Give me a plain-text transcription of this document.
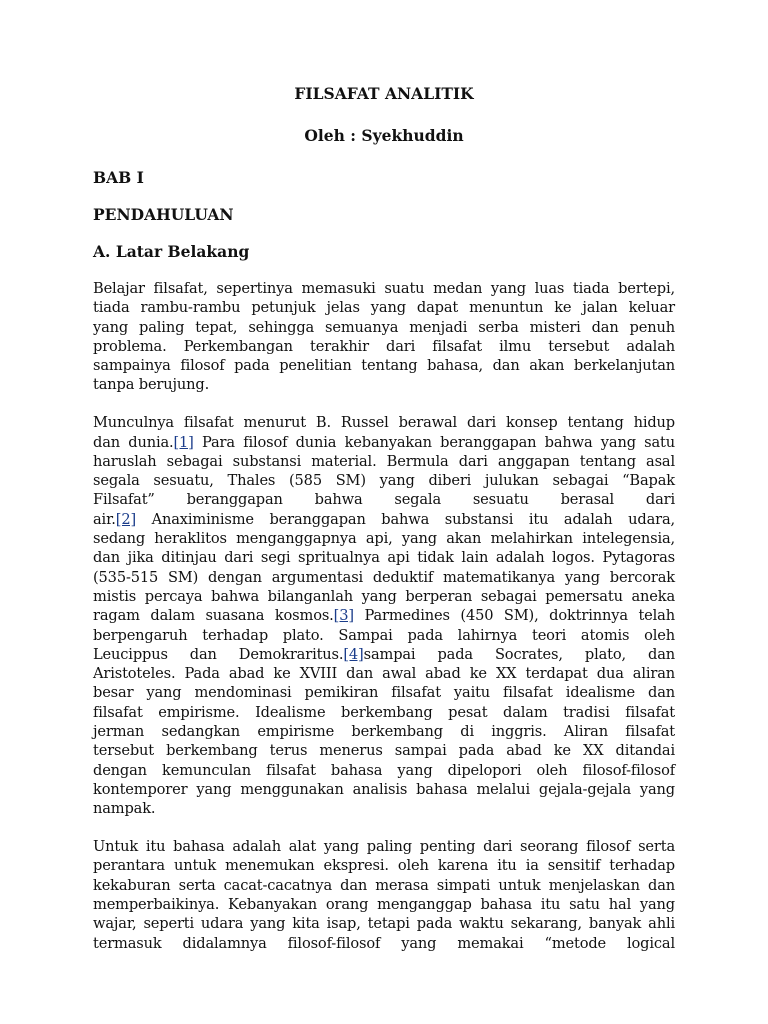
FILSAFAT ANALITIK
Oleh : Syekhuddin
BAB I
PENDAHULUAN
A. Latar Belakang
Belajar filsafat, sepertinya memasuki suatu medan yang luas tiada bertepi,
tiada rambu-rambu petunjuk jelas yang dapat menuntun ke jalan keluar
yang paling tepat, sehingga semuanya menjadi serba misteri dan penuh
problema. Perkembangan terakhir dari filsafat ilmu tersebut adalah
sampainya filosof pada penelitian tentang bahasa, dan akan berkelanjutan
tanpa berujung.
Munculnya filsafat menurut B. Russel berawal dari konsep tentang hidup
dan dunia.[1] Para filosof dunia kebanyakan beranggapan bahwa yang satu
haruslah sebagai substansi material. Bermula dari anggapan tentang asal
segala sesuatu, Thales (585 SM) yang diberi julukan sebagai “Bapak
Filsafat” beranggapan bahwa segala sesuatu berasal dari
air.[2] Anaximinisme beranggapan bahwa substansi itu adalah udara,
sedang heraklitos menganggapnya api, yang akan melahirkan intelegensia,
dan jika ditinjau dari segi spritualnya api tidak lain adalah logos. Pytagoras
(535-515 SM) dengan argumentasi deduktif matematikanya yang bercorak
mistis percaya bahwa bilanganlah yang berperan sebagai pemersatu aneka
ragam dalam suasana kosmos.[3] Parmedines (450 SM), doktrinnya telah
berpengaruh terhadap plato. Sampai pada lahirnya teori atomis oleh
Leucippus dan Demokraritus.[4]sampai pada Socrates, plato, dan
Aristoteles. Pada abad ke XVIII dan awal abad ke XX terdapat dua aliran
besar yang mendominasi pemikiran filsafat yaitu filsafat idealisme dan
filsafat empirisme. Idealisme berkembang pesat dalam tradisi filsafat
jerman sedangkan empirisme berkembang di inggris. Aliran filsafat
tersebut berkembang terus menerus sampai pada abad ke XX ditandai
dengan kemunculan filsafat bahasa yang dipelopori oleh filosof-filosof
kontemporer yang menggunakan analisis bahasa melalui gejala-gejala yang
nampak.
Untuk itu bahasa adalah alat yang paling penting dari seorang filosof serta
perantara untuk menemukan ekspresi. oleh karena itu ia sensitif terhadap
kekaburan serta cacat-cacatnya dan merasa simpati untuk menjelaskan dan
memperbaikinya. Kebanyakan orang menganggap bahasa itu satu hal yang
wajar, seperti udara yang kita isap, tetapi pada waktu sekarang, banyak ahli
termasuk didalamnya filosof-filosof yang memakai “metode logical
